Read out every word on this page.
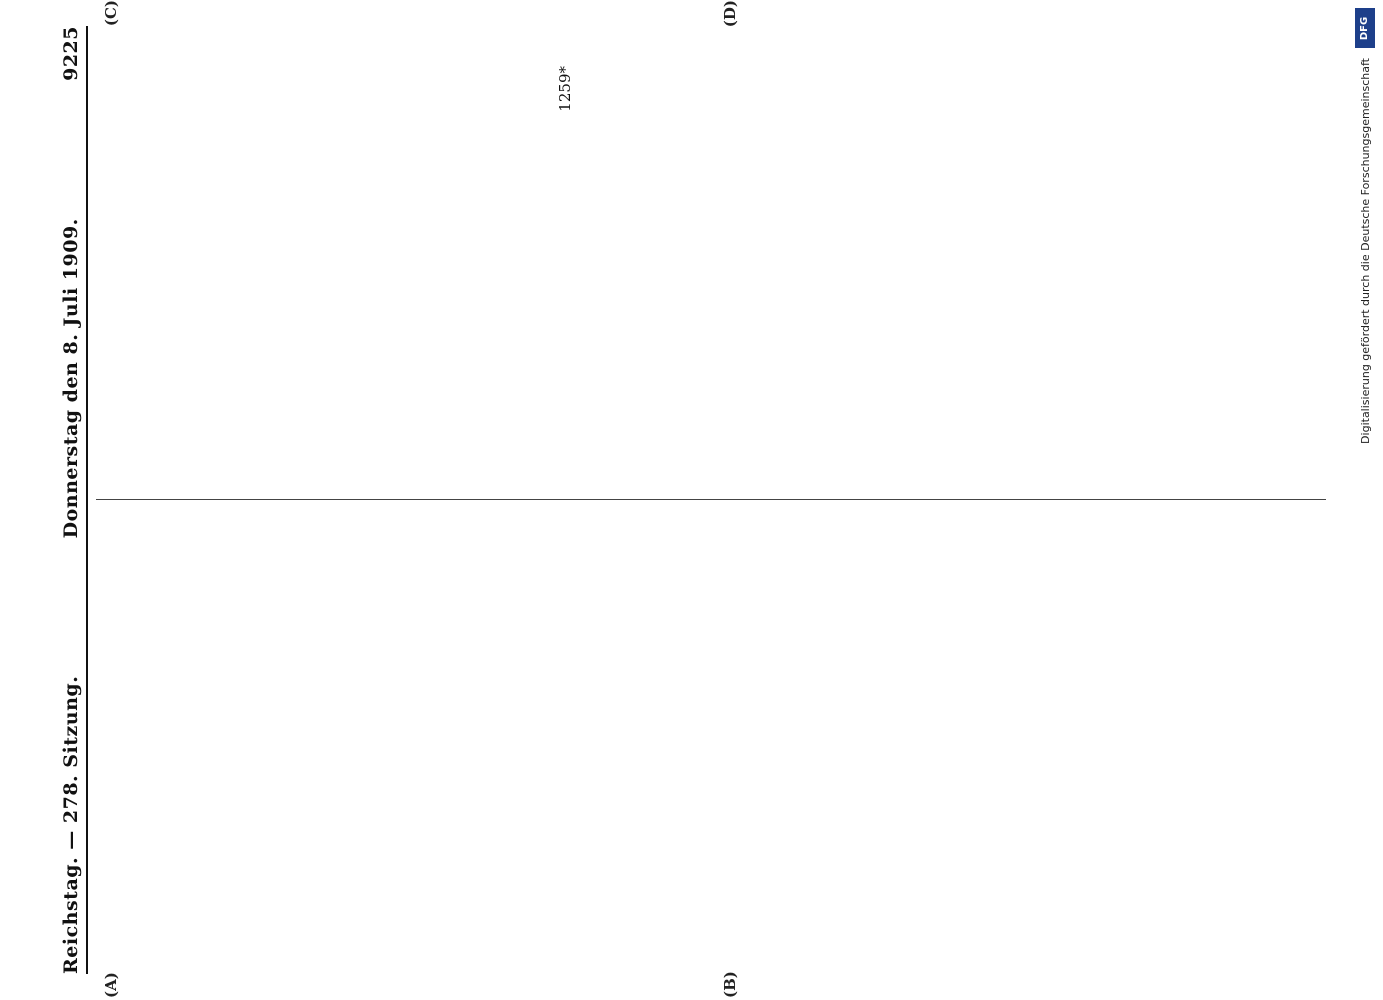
Reichstag. — 278. Sitzung.
Donnerstag den 8. Juli 1909.
9225

1259*

(A)	(B)
(C)	(D)
DFG
Digitalisierung gefördert durch die Deutsche Forschungsgemeinschaft
